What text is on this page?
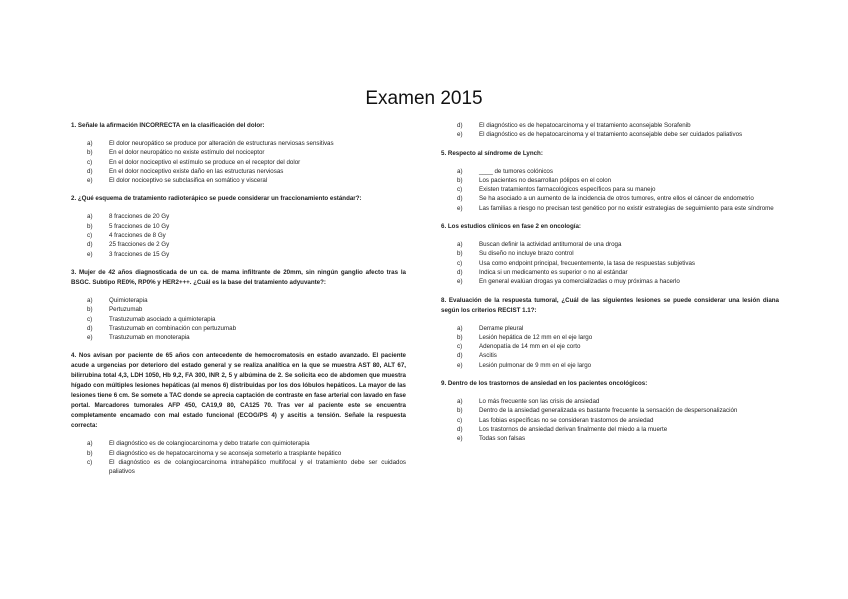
Examen 2015
1. Señale la afirmación INCORRECTA en la clasificación del dolor:
a)	El dolor neuropático se produce por alteración de estructuras nerviosas sensitivas
b)	En el dolor neuropático no existe estímulo del nociceptor
c)	En el dolor nociceptivo el estímulo se produce en el receptor del dolor
d)	En el dolor nociceptivo existe daño en las estructuras nerviosas
e)	El dolor nociceptivo se subclasifica en somático y visceral
2. ¿Qué esquema de tratamiento radioterápico se puede considerar un fraccionamiento estándar?:
a)	8 fracciones de 20 Gy
b)	5 fracciones de 10 Gy
c)	4 fracciones de 8 Gy
d)	25 fracciones de 2 Gy
e)	3 fracciones de 15 Gy
3. Mujer de 42 años diagnosticada de un ca. de mama infiltrante de 20mm, sin ningún ganglio afecto tras la BSGC. Subtipo RE0%, RP0% y HER2+++. ¿Cuál es la base del tratamiento adyuvante?:
a)	Quimioterapia
b)	Pertuzumab
c)	Trastuzumab asociado a quimioterapia
d)	Trastuzumab en combinación con pertuzumab
e)	Trastuzumab en monoterapia
4. Nos avisan por paciente de 65 años con antecedente de hemocromatosis en estado avanzado. El paciente acude a urgencias por deterioro del estado general y se realiza analítica en la que se muestra AST 80, ALT 67, bilirrubina total 4,3, LDH 1050, Hb 9,2, FA 300, INR 2, 5 y albúmina de 2. Se solicita eco de abdomen que muestra hígado con múltiples lesiones hepáticas (al menos 6) distribuidas por los dos lóbulos hepáticos. La mayor de las lesiones tiene 6 cm. Se somete a TAC donde se aprecia captación de contraste en fase arterial con lavado en fase portal. Marcadores tumorales AFP 450, CA19,9 80, CA125 70. Tras ver al paciente este se encuentra completamente encamado con mal estado funcional (ECOG/PS 4) y ascitis a tensión. Señale la respuesta correcta:
a)	El diagnóstico es de colangiocarcinoma y debo tratarle con quimioterapia
b)	El diagnóstico es de hepatocarcinoma y se aconseja someterlo a trasplante hepático
c)	El diagnóstico es de colangiocarcinoma intrahepático multifocal y el tratamiento debe ser cuidados paliativos
d)	El diagnóstico es de hepatocarcinoma y el tratamiento aconsejable Sorafenib
e)	El diagnóstico es de hepatocarcinoma y el tratamiento aconsejable debe ser cuidados paliativos
5. Respecto al síndrome de Lynch:
a)	____ de tumores colónicos
b)	Los pacientes no desarrollan pólipos en el colon
c)	Existen tratamientos farmacológicos específicos para su manejo
d)	Se ha asociado a un aumento de la incidencia de otros tumores, entre ellos el cáncer de endometrio
e)	Las familias a riesgo no precisan test genético por no existir estrategias de seguimiento para este síndrome
6. Los estudios clínicos en fase 2 en oncología:
a)	Buscan definir la actividad antitumoral de una droga
b)	Su diseño no incluye brazo control
c)	Usa como endpoint principal, frecuentemente, la tasa de respuestas subjetivas
d)	Indica si un medicamento es superior o no al estándar
e)	En general evalúan drogas ya comercializadas o muy próximas a hacerlo
8. Evaluación de la respuesta tumoral, ¿Cuál de las siguientes lesiones se puede considerar una lesión diana según los criterios RECIST 1.1?:
a)	Derrame pleural
b)	Lesión hepática de 12 mm en el eje largo
c)	Adenopatía de 14 mm en el eje corto
d)	Ascitis
e)	Lesión pulmonar de 9 mm en el eje largo
9. Dentro de los trastornos de ansiedad en los pacientes oncológicos:
a)	Lo más frecuente son las crisis de ansiedad
b)	Dentro de la ansiedad generalizada es bastante frecuente la sensación de despersonalización
c)	Las fobias específicas no se consideran trastornos de ansiedad
d)	Los trastornos de ansiedad derivan finalmente del miedo a la muerte
e)	Todas son falsas
